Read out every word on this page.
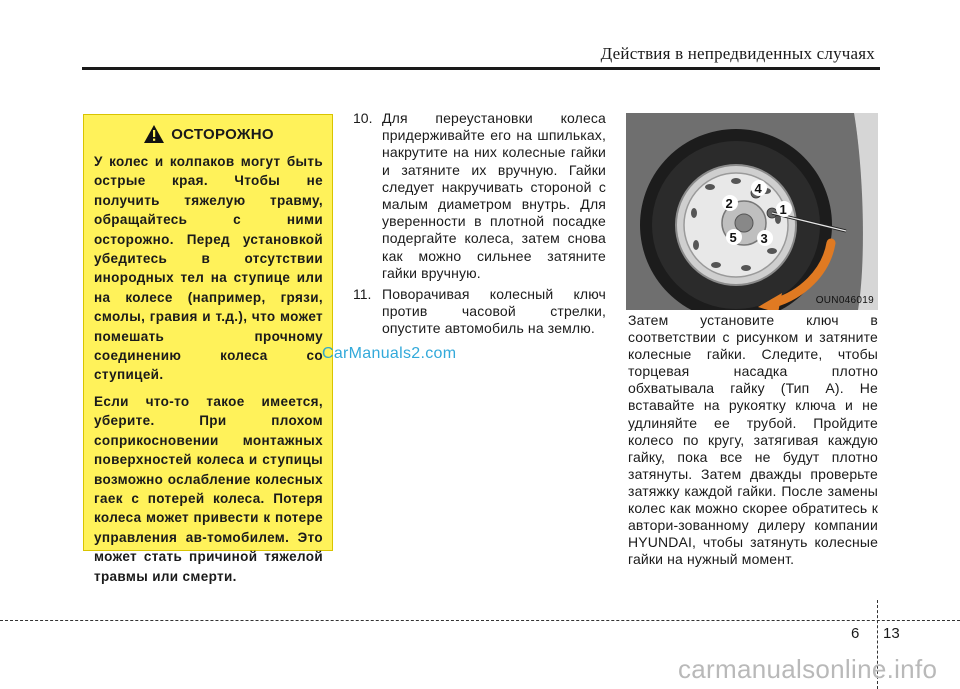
Действия в непредвиденных случаях
ОСТОРОЖНО

У колес и колпаков могут быть острые края. Чтобы не получить тяжелую травму, обращайтесь с ними осторожно. Перед установкой убедитесь в отсутствии инородных тел на ступице или на колесе (например, грязи, смолы, гравия и т.д.), что может помешать прочному соединению колеса со ступицей.

Если что-то такое имеется, уберите. При плохом соприкосновении монтажных поверхностей колеса и ступицы возможно ослабление колесных гаек с потерей колеса. Потеря колеса может привести к потере управления ав-томобилем. Это может стать причиной тяжелой травмы или смерти.

10. Для переустановки колеса придерживайте его на шпильках, накрутите на них колесные гайки и затяните их вручную. Гайки следует накручивать стороной с малым диаметром внутрь. Для уверенности в плотной посадке подергайте колеса, затем снова как можно сильнее затяните гайки вручную.
11. Поворачивая колесный ключ против часовой стрелки, опустите автомобиль на землю.
CarManuals2.com
4
2	1
3
5
OUN046019

Затем установите ключ в соответствии с рисунком и затяните колесные гайки. Следите, чтобы торцевая насадка плотно обхватывала гайку (Тип A). Не вставайте на рукоятку ключа и не удлиняйте ее трубой. Пройдите колесо по кругу, затягивая каждую гайку, пока все не будут плотно затянуты. Затем дважды проверьте затяжку каждой гайки. После замены колес как можно скорее обратитесь к автори-зованному дилеру компании HYUNDAI, чтобы затянуть колесные гайки на нужный момент.

6 13
carmanualsonline.info
